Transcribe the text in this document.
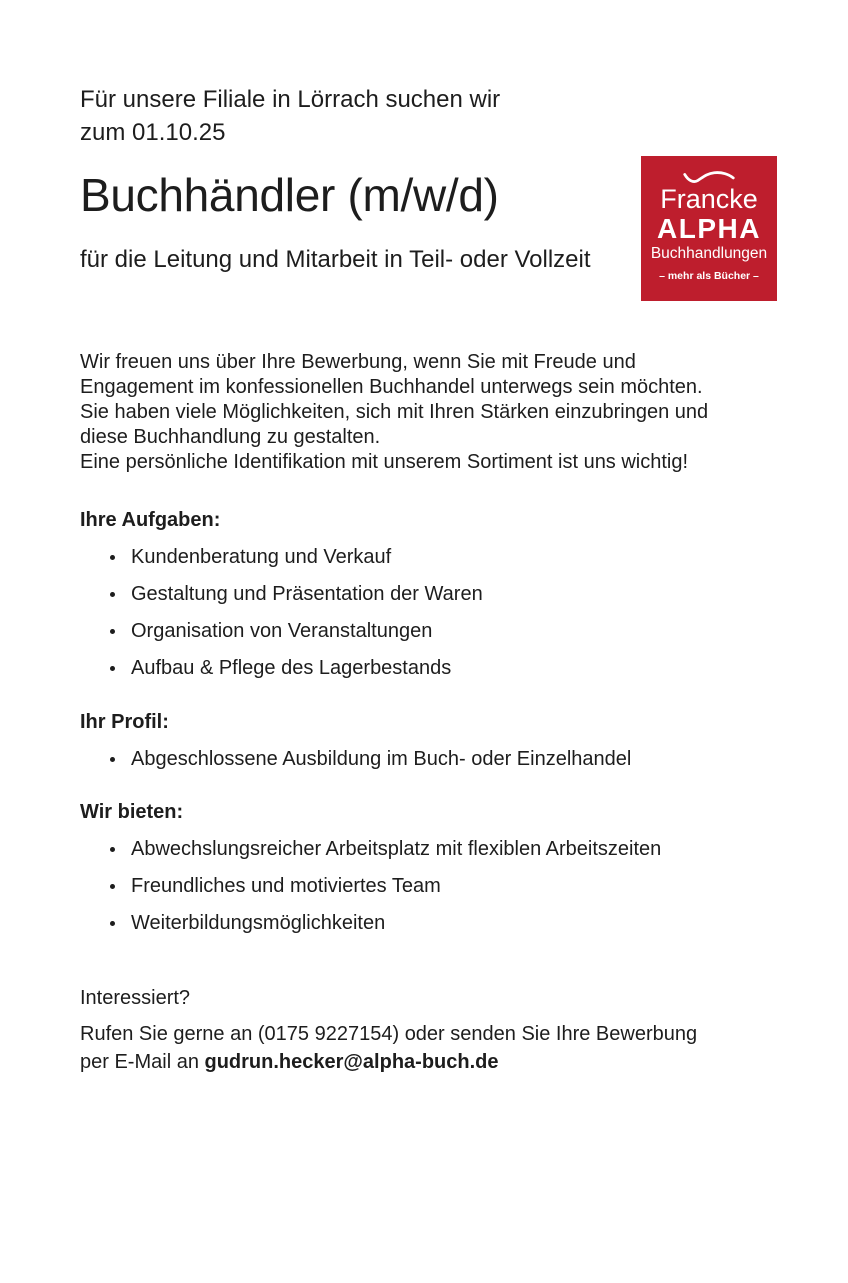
Francke
ALPHA
Buchhandlungen
– mehr als Bücher –
Für unsere Filiale in Lörrach suchen wir
zum 01.10.25
Buchhändler (m/w/d)
für die Leitung und Mitarbeit in Teil- oder Vollzeit
Wir freuen uns über Ihre Bewerbung, wenn Sie mit Freude und
Engagement im konfessionellen Buchhandel unterwegs sein möchten.
Sie haben viele Möglichkeiten, sich mit Ihren Stärken einzubringen und
diese Buchhandlung zu gestalten.
Eine persönliche Identifikation mit unserem Sortiment ist uns wichtig!
Ihre Aufgaben:
Kundenberatung und Verkauf
Gestaltung und Präsentation der Waren
Organisation von Veranstaltungen
Aufbau & Pflege des Lagerbestands
Ihr Profil:
Abgeschlossene Ausbildung im Buch- oder Einzelhandel
Wir bieten:
Abwechslungsreicher Arbeitsplatz mit flexiblen Arbeitszeiten
Freundliches und motiviertes Team
Weiterbildungsmöglichkeiten
Interessiert?
Rufen Sie gerne an (0175 9227154) oder senden Sie Ihre Bewerbung
per E-Mail an gudrun.hecker@alpha-buch.de
